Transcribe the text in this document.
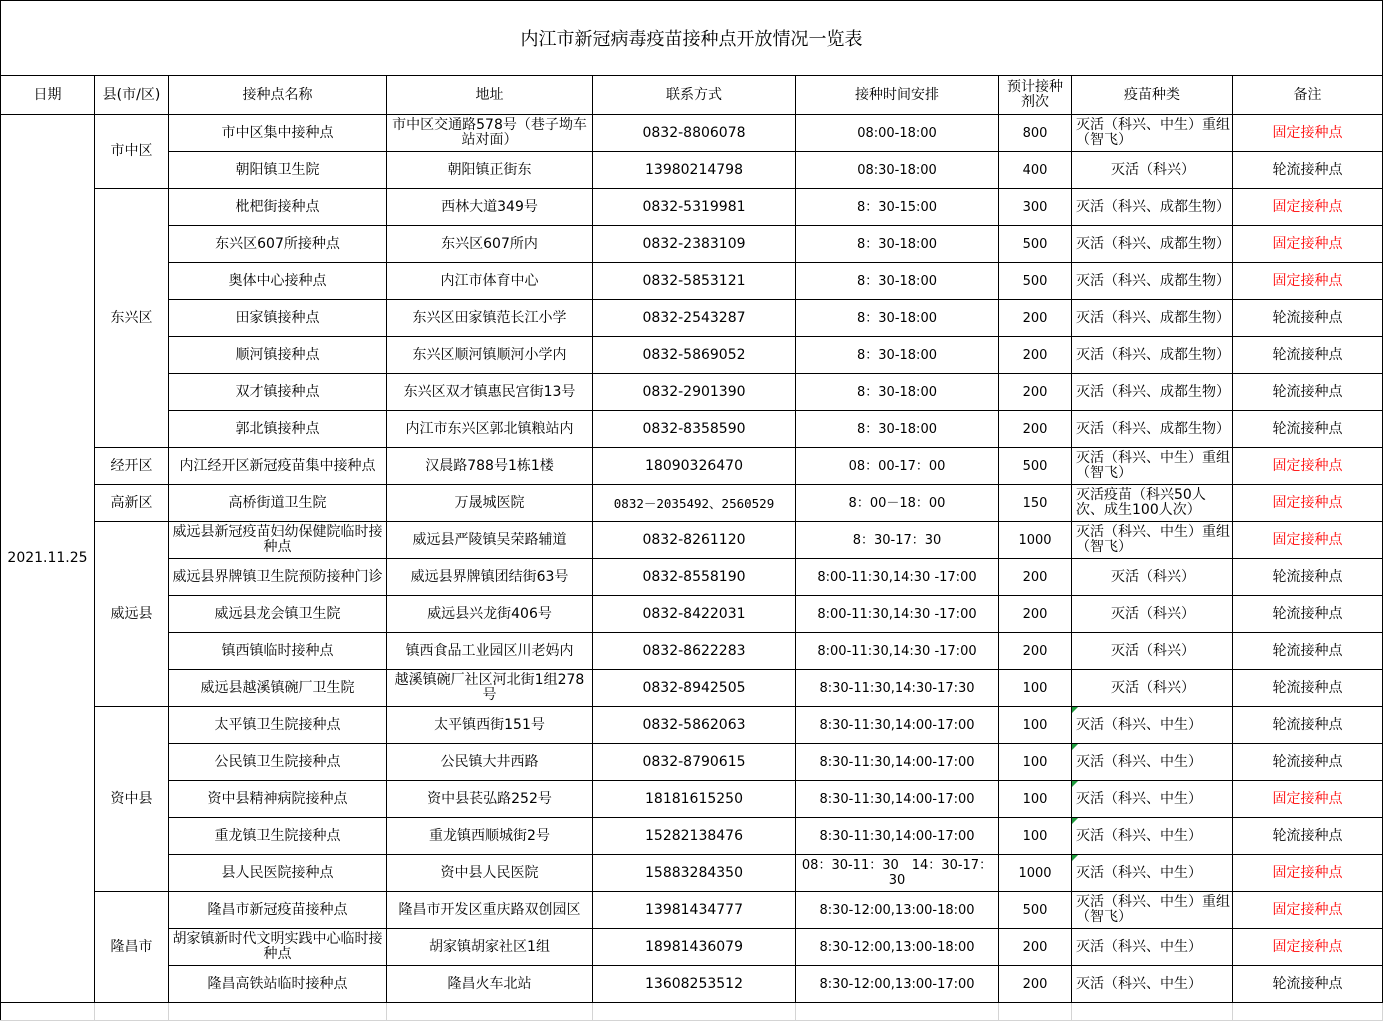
内江市新冠病毒疫苗接种点开放情况一览表
日期	县(市/区)	接种点名称	地址	联系方式	接种时间安排	预计接种剂次	疫苗种类	备注
2021.11.25	市中区	市中区集中接种点	市中区交通路578号（巷子坳车站对面）	0832-8806078	08:00-18:00	800	灭活（科兴、中生）重组（智飞）	固定接种点
		朝阳镇卫生院	朝阳镇正街东	13980214798	08:30-18:00	400	灭活（科兴）	轮流接种点
	东兴区	枇杷街接种点	西林大道349号	0832-5319981	8：30-15:00	300	灭活（科兴、成都生物）	固定接种点
		东兴区607所接种点	东兴区607所内	0832-2383109	8：30-18:00	500	灭活（科兴、成都生物）	固定接种点
		奥体中心接种点	内江市体育中心	0832-5853121	8：30-18:00	500	灭活（科兴、成都生物）	固定接种点
		田家镇接种点	东兴区田家镇范长江小学	0832-2543287	8：30-18:00	200	灭活（科兴、成都生物）	轮流接种点
		顺河镇接种点	东兴区顺河镇顺河小学内	0832-5869052	8：30-18:00	200	灭活（科兴、成都生物）	轮流接种点
		双才镇接种点	东兴区双才镇惠民宫街13号	0832-2901390	8：30-18:00	200	灭活（科兴、成都生物）	轮流接种点
		郭北镇接种点	内江市东兴区郭北镇粮站内	0832-8358590	8：30-18:00	200	灭活（科兴、成都生物）	轮流接种点
	经开区	内江经开区新冠疫苗集中接种点	汉晨路788号1栋1楼	18090326470	08：00-17：00	500	灭活（科兴、中生）重组（智飞）	固定接种点
	高新区	高桥街道卫生院	万晟城医院	0832－2035492、2560529	8：00－18：00	150	灭活疫苗（科兴50人次、成生100人次）	固定接种点
	威远县	威远县新冠疫苗妇幼保健院临时接种点	威远县严陵镇吴荣路辅道	0832-8261120	8：30-17：30	1000	灭活（科兴、中生）重组（智飞）	固定接种点
		威远县界牌镇卫生院预防接种门诊	威远县界牌镇团结街63号	0832-8558190	8:00-11:30,14:30 -17:00	200	灭活（科兴）	轮流接种点
		威远县龙会镇卫生院	威远县兴龙街406号	0832-8422031	8:00-11:30,14:30 -17:00	200	灭活（科兴）	轮流接种点
		镇西镇临时接种点	镇西食品工业园区川老妈内	0832-8622283	8:00-11:30,14:30 -17:00	200	灭活（科兴）	轮流接种点
		威远县越溪镇碗厂卫生院	越溪镇碗厂社区河北街1组278号	0832-8942505	8:30-11:30,14:30-17:30	100	灭活（科兴）	轮流接种点
	资中县	太平镇卫生院接种点	太平镇西街151号	0832-5862063	8:30-11:30,14:00-17:00	100	灭活（科兴、中生）	轮流接种点
		公民镇卫生院接种点	公民镇大井西路	0832-8790615	8:30-11:30,14:00-17:00	100	灭活（科兴、中生）	轮流接种点
		资中县精神病院接种点	资中县苌弘路252号	18181615250	8:30-11:30,14:00-17:00	100	灭活（科兴、中生）	固定接种点
		重龙镇卫生院接种点	重龙镇西顺城街2号	15282138476	8:30-11:30,14:00-17:00	100	灭活（科兴、中生）	轮流接种点
		县人民医院接种点	资中县人民医院	15883284350	08：30-11：30　14：30-17：30	1000	灭活（科兴、中生）	固定接种点
	隆昌市	隆昌市新冠疫苗接种点	隆昌市开发区重庆路双创园区	13981434777	8:30-12:00,13:00-18:00	500	灭活（科兴、中生）重组（智飞）	固定接种点
		胡家镇新时代文明实践中心临时接种点	胡家镇胡家社区1组	18981436079	8:30-12:00,13:00-18:00	200	灭活（科兴、中生）	固定接种点
		隆昌高铁站临时接种点	隆昌火车北站	13608253512	8:30-12:00,13:00-17:00	200	灭活（科兴、中生）	轮流接种点
